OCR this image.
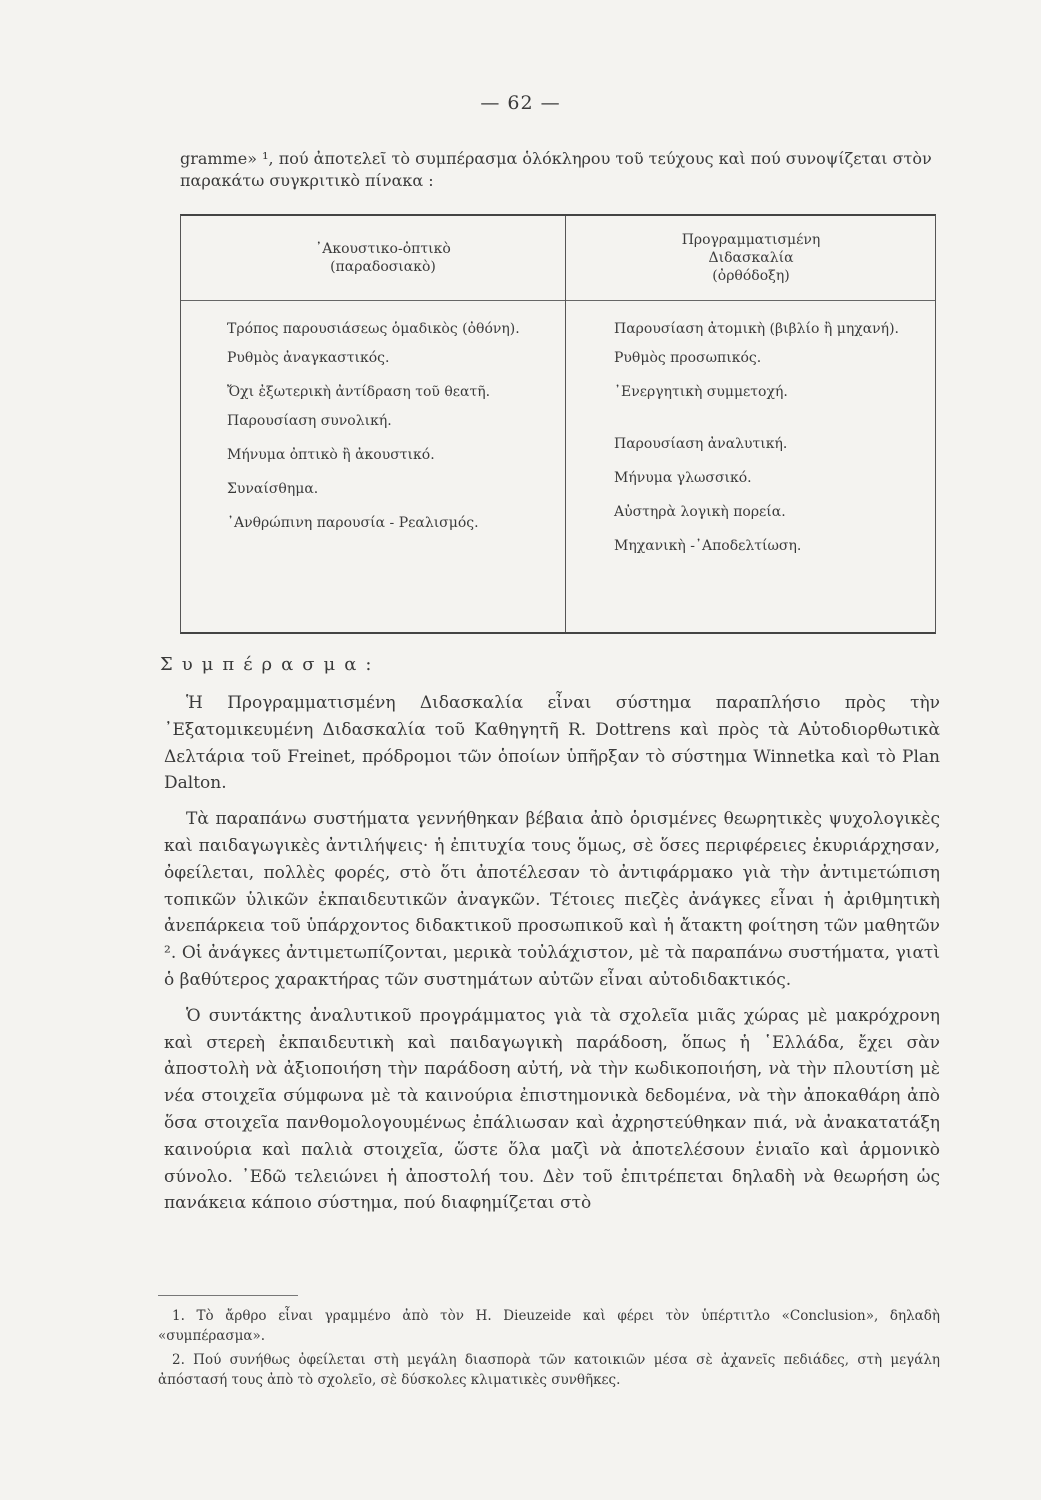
— 62 —

gramme» ¹, πού ἀποτελεῖ τὸ συμπέρασμα ὁλόκληρου τοῦ τεύχους καὶ πού συνοψίζεται στὸν παρακάτω συγκριτικὸ πίνακα :

᾿Ακουστικο-ὀπτικὸ
(παραδοσιακὸ)
Τρόπος παρουσιάσεως ὁμαδικὸς (ὀθόνη).
Ρυθμὸς ἀναγκαστικός.
Ὄχι ἐξωτερικὴ ἀντίδραση τοῦ θεατῆ.
Παρουσίαση συνολική.
Μήνυμα ὀπτικὸ ἢ ἀκουστικό.
Συναίσθημα.
᾿Ανθρώπινη παρουσία - Ρεαλισμός.
Προγραμματισμένη
Διδασκαλία
(ὀρθόδοξη)
Παρουσίαση ἀτομικὴ (βιβλίο ἢ μηχανή).
Ρυθμὸς προσωπικός.
᾿Ενεργητικὴ συμμετοχή.
Παρουσίαση ἀναλυτική.
Μήνυμα γλωσσικό.
Αὐστηρὰ λογικὴ πορεία.
Μηχανικὴ -᾿Αποδελτίωση.
Συμπέρασμα:

Ἡ Προγραμματισμένη Διδασκαλία εἶναι σύστημα παραπλήσιο πρὸς τὴν ᾿Εξατομικευμένη Διδασκαλία τοῦ Καθηγητῆ R. Dottrens καὶ πρὸς τὰ Αὐτοδιορθωτικὰ Δελτάρια τοῦ Freinet, πρόδρομοι τῶν ὁποίων ὑπῆρξαν τὸ σύστημα Winnetka καὶ τὸ Plan Dalton.

Τὰ παραπάνω συστήματα γεννήθηκαν βέβαια ἀπὸ ὁρισμένες θεωρητικὲς ψυχολογικὲς καὶ παιδαγωγικὲς ἀντιλήψεις· ἡ ἐπιτυχία τους ὅμως, σὲ ὅσες περιφέρειες ἐκυριάρχησαν, ὀφείλεται, πολλὲς φορές, στὸ ὅτι ἀποτέλεσαν τὸ ἀντιφάρμακο γιὰ τὴν ἀντιμετώπιση τοπικῶν ὑλικῶν ἐκπαιδευτικῶν ἀναγκῶν. Τέτοιες πιεζὲς ἀνάγκες εἶναι ἡ ἀριθμητικὴ ἀνεπάρκεια τοῦ ὑπάρχοντος διδακτικοῦ προσωπικοῦ καὶ ἡ ἄτακτη φοίτηση τῶν μαθητῶν ². Οἱ ἀνάγκες ἀντιμετωπίζονται, μερικὰ τοὐλάχιστον, μὲ τὰ παραπάνω συστήματα, γιατὶ ὁ βαθύτερος χαρακτήρας τῶν συστημάτων αὐτῶν εἶναι αὐτοδιδακτικός.

Ὁ συντάκτης ἀναλυτικοῦ προγράμματος γιὰ τὰ σχολεῖα μιᾶς χώρας μὲ μακρόχρονη καὶ στερεὴ ἐκπαιδευτικὴ καὶ παιδαγωγικὴ παράδοση, ὅπως ἡ ῾Ελλάδα, ἔχει σὰν ἀποστολὴ νὰ ἀξιοποιήση τὴν παράδοση αὐτή, νὰ τὴν κωδικοποιήση, νὰ τὴν πλουτίση μὲ νέα στοιχεῖα σύμφωνα μὲ τὰ καινούρια ἐπιστημονικὰ δεδομένα, νὰ τὴν ἀποκαθάρη ἀπὸ ὅσα στοιχεῖα πανθομολογουμένως ἐπάλιωσαν καὶ ἀχρηστεύθηκαν πιά, νὰ ἀνακατατάξη καινούρια καὶ παλιὰ στοιχεῖα, ὥστε ὅλα μαζὶ νὰ ἀποτελέσουν ἑνιαῖο καὶ ἁρμονικὸ σύνολο. ᾿Εδῶ τελειώνει ἡ ἀποστολή του. Δὲν τοῦ ἐπιτρέπεται δηλαδὴ νὰ θεωρήση ὡς πανάκεια κάποιο σύστημα, πού διαφημίζεται στὸ

1. Τὸ ἄρθρο εἶναι γραμμένο ἀπὸ τὸν H. Dieuzeide καὶ φέρει τὸν ὑπέρτιτλο «Conclusion», δηλαδὴ «συμπέρασμα».

2. Πού συνήθως ὀφείλεται στὴ μεγάλη διασπορὰ τῶν κατοικιῶν μέσα σὲ ἀχανεῖς πεδιάδες, στὴ μεγάλη ἀπόστασή τους ἀπὸ τὸ σχολεῖο, σὲ δύσκολες κλιματικὲς συνθῆκες.
